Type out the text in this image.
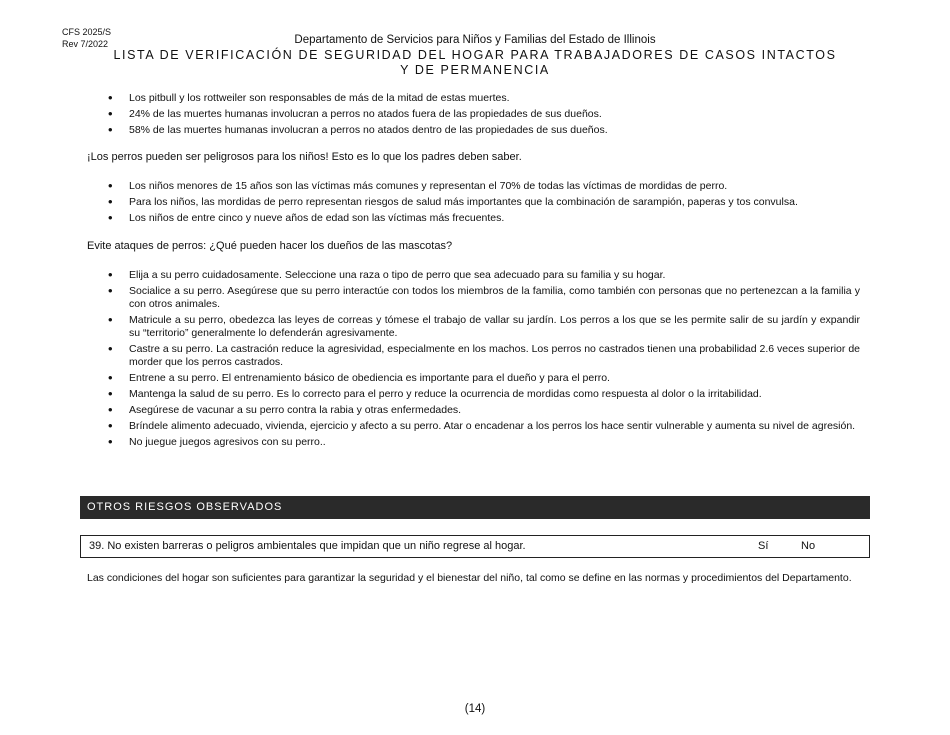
CFS 2025/S
Rev 7/2022	Departamento de Servicios para Niños y Familias del Estado de Illinois
LISTA DE VERIFICACIÓN DE SEGURIDAD DEL HOGAR PARA TRABAJADORES DE CASOS INTACTOS
Y DE PERMANENCIA
• Los pitbull y los rottweiler son responsables de más de la mitad de estas muertes.
• 24% de las muertes humanas involucran a perros no atados fuera de las propiedades de sus dueños.
• 58% de las muertes humanas involucran a perros no atados dentro de las propiedades de sus dueños.
¡Los perros pueden ser peligrosos para los niños! Esto es lo que los padres deben saber.
• Los niños menores de 15 años son las víctimas más comunes y representan el 70% de todas las víctimas de mordidas de perro.
• Para los niños, las mordidas de perro representan riesgos de salud más importantes que la combinación de sarampión, paperas y tos convulsa.
• Los niños de entre cinco y nueve años de edad son las víctimas más frecuentes.
Evite ataques de perros: ¿Qué pueden hacer los dueños de las mascotas?
• Elija a su perro cuidadosamente. Seleccione una raza o tipo de perro que sea adecuado para su familia y su hogar.
• Socialice a su perro. Asegúrese que su perro interactúe con todos los miembros de la familia, como también con personas que no pertenezcan a la familia y con otros animales.
• Matricule a su perro, obedezca las leyes de correas y tómese el trabajo de vallar su jardín. Los perros a los que se les permite salir de su jardín y expandir su “territorio” generalmente lo defenderán agresivamente.
• Castre a su perro. La castración reduce la agresividad, especialmente en los machos. Los perros no castrados tienen una probabilidad 2.6 veces superior de morder que los perros castrados.
• Entrene a su perro. El entrenamiento básico de obediencia es importante para el dueño y para el perro.
• Mantenga la salud de su perro. Es lo correcto para el perro y reduce la ocurrencia de mordidas como respuesta al dolor o la irritabilidad.
• Asegúrese de vacunar a su perro contra la rabia y otras enfermedades.
• Bríndele alimento adecuado, vivienda, ejercicio y afecto a su perro. Atar o encadenar a los perros los hace sentir vulnerable y aumenta su nivel de agresión.
• No juegue juegos agresivos con su perro..
OTROS RIESGOS OBSERVADOS
39. No existen barreras o peligros ambientales que impidan que un niño regrese al hogar.	Sí	No
Las condiciones del hogar son suficientes para garantizar la seguridad y el bienestar del niño, tal como se define en las normas y procedimientos del Departamento.
(14)
